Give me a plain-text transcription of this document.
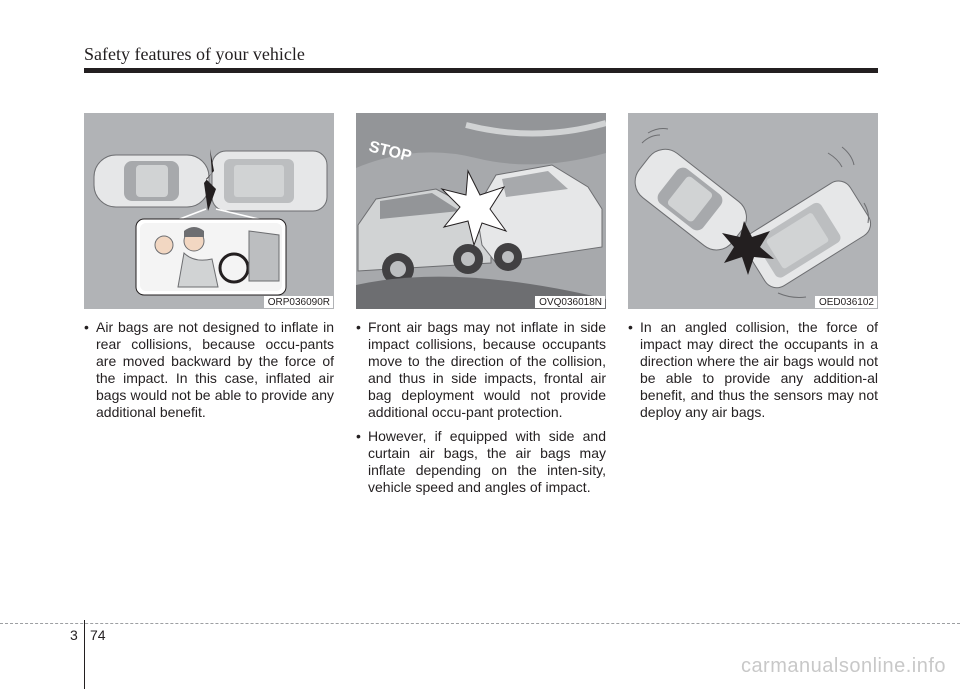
Safety features of your vehicle
ORP036090R
• Air bags are not designed to inflate in rear collisions, because occu-pants are moved backward by the force of the impact. In this case, inflated air bags would not be able to provide any additional benefit.
STOP
OVQ036018N
• Front air bags may not inflate in side impact collisions, because occupants move to the direction of the collision, and thus in side impacts, frontal air bag deployment would not provide additional occu-pant protection.
• However, if equipped with side and curtain air bags, the air bags may inflate depending on the inten-sity, vehicle speed and angles of impact.
OED036102
• In an angled collision, the force of impact may direct the occupants in a direction where the air bags would not be able to provide any addition-al benefit, and thus the sensors may not deploy any air bags.
3 74
carmanualsonline.info
